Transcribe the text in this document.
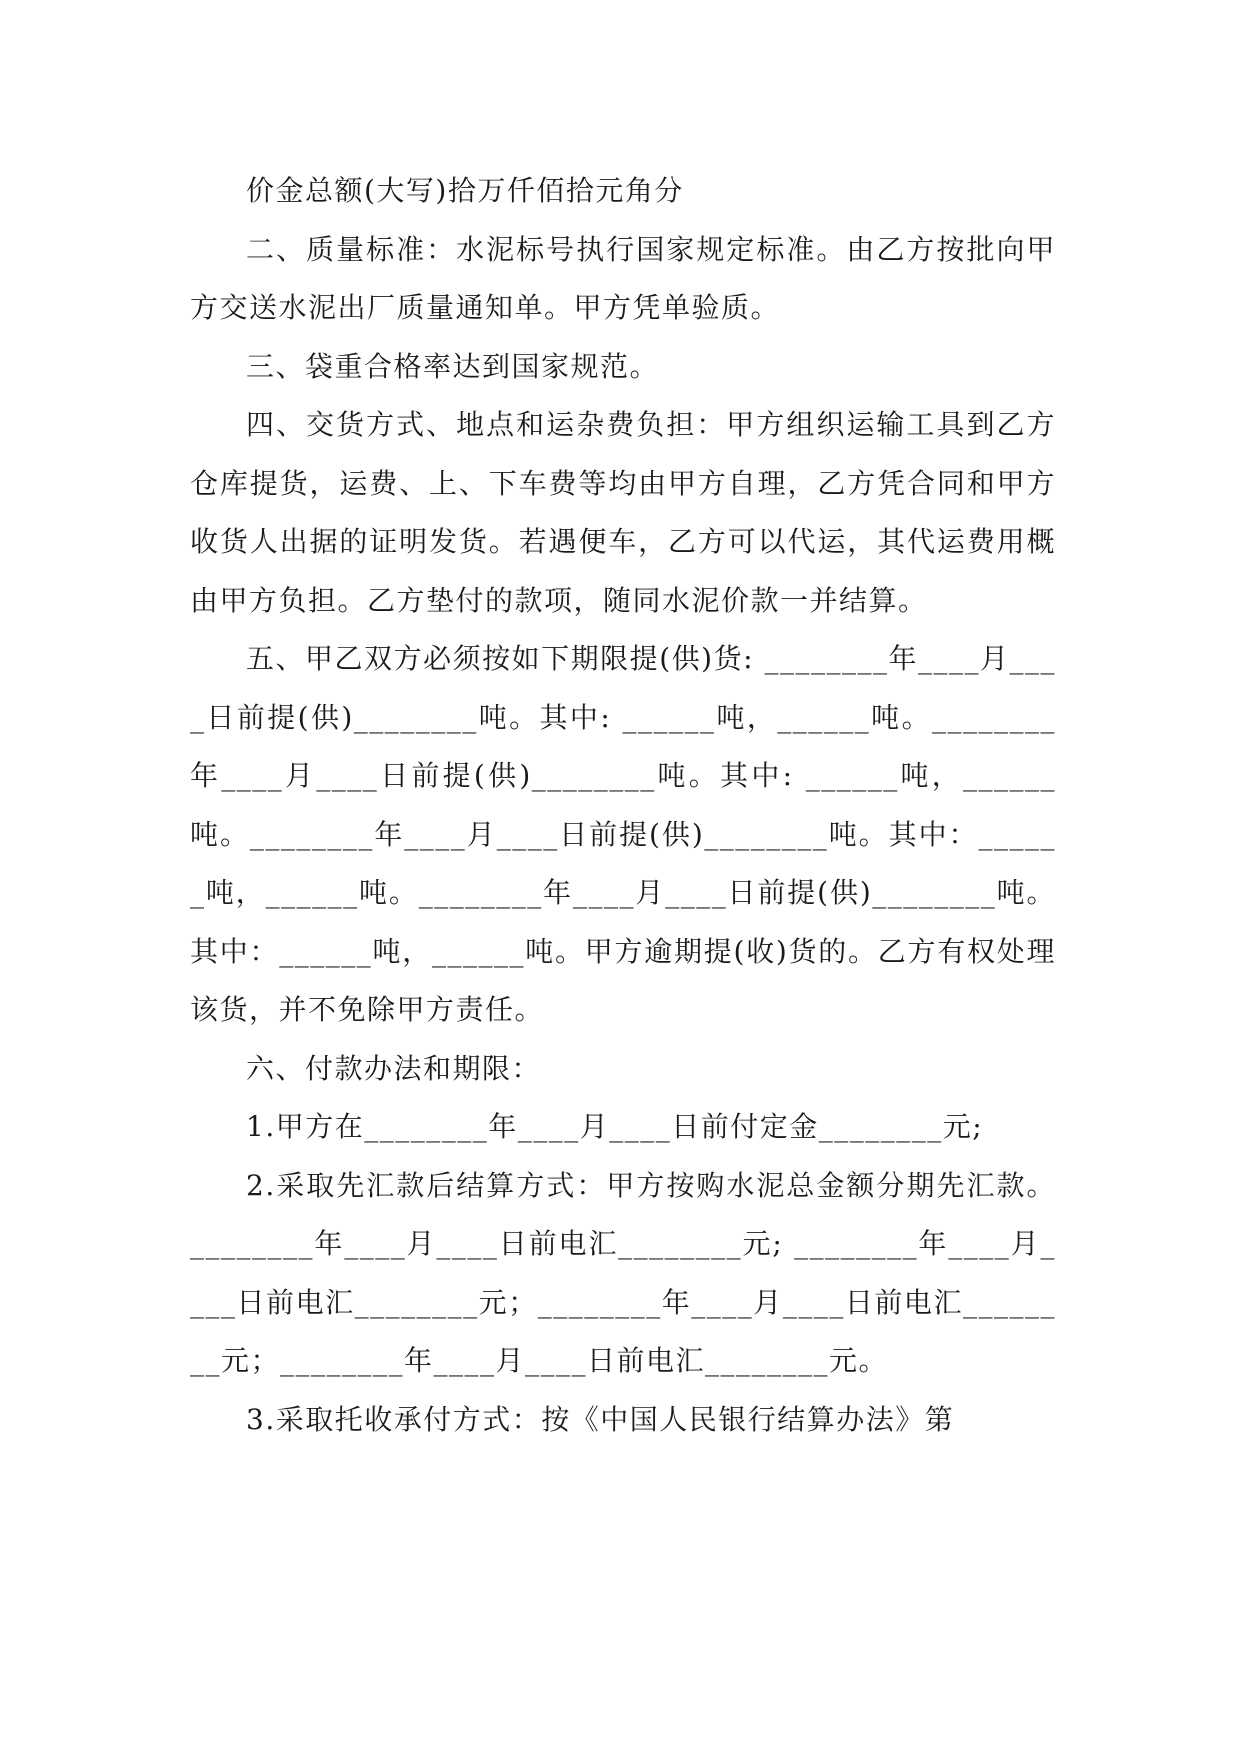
价金总额(大写)拾万仟佰拾元角分

二、质量标准：水泥标号执行国家规定标准。由乙方按批向甲方交送水泥出厂质量通知单。甲方凭单验质。

三、袋重合格率达到国家规范。

四、交货方式、地点和运杂费负担：甲方组织运输工具到乙方仓库提货，运费、上、下车费等均由甲方自理，乙方凭合同和甲方收货人出据的证明发货。若遇便车，乙方可以代运，其代运费用概由甲方负担。乙方垫付的款项，随同水泥价款一并结算。

五、甲乙双方必须按如下期限提(供)货: ________年____月____日前提(供)________吨。其中: ______吨，______吨。________年____月____日前提(供)________吨。其中: ______吨，______吨。________年____月____日前提(供)________吨。其中：______吨，______吨。________年____月____日前提(供)________吨。其中：______吨，______吨。甲方逾期提(收)货的。乙方有权处理该货，并不免除甲方责任。

六、付款办法和期限：

1.甲方在________年____月____日前付定金________元;

2.采取先汇款后结算方式：甲方按购水泥总金额分期先汇款。________年____月____日前电汇________元; ________年____月____日前电汇________元；________年____月____日前电汇________元；________年____月____日前电汇________元。

3.采取托收承付方式：按《中国人民银行结算办法》第
